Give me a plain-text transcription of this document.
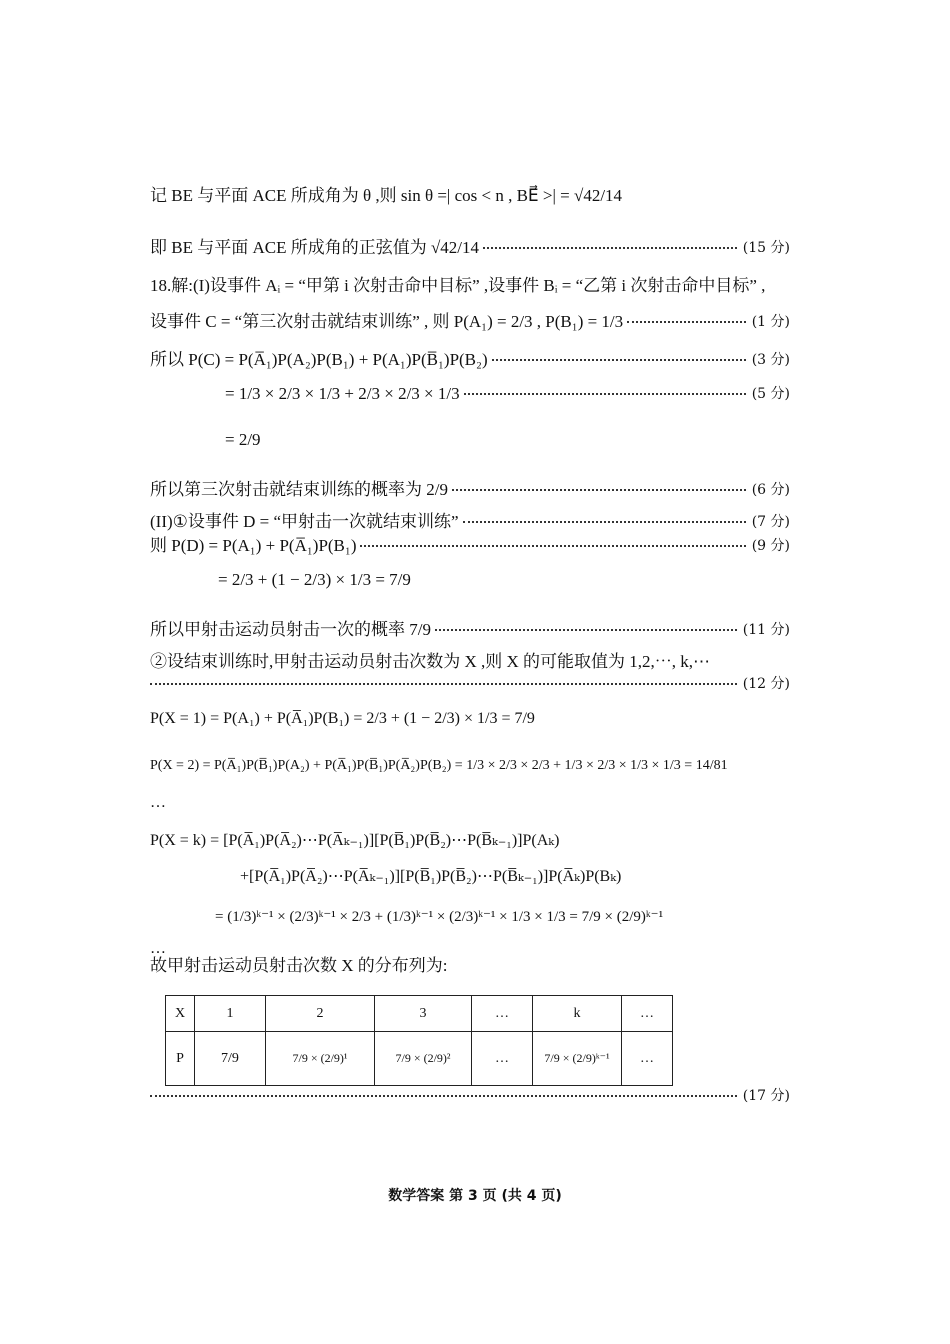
记 BE 与平面 ACE 所成角为 θ ,则 sin θ =| cos < n , BE⃗ >| = √42/14
即 BE 与平面 ACE 所成角的正弦值为 √42/14	(15 分)
18.解:(I)设事件 Aᵢ = “甲第 i 次射击命中目标” ,设事件 Bᵢ = “乙第 i 次射击命中目标” ,
设事件 C = “第三次射击就结束训练” , 则 P(A₁) = 2/3 , P(B₁) = 1/3	(1 分)
所以 P(C) = P(A̅₁)P(A₂)P(B₁) + P(A₁)P(B̅₁)P(B₂)	(3 分)
= 1/3 × 2/3 × 1/3 + 2/3 × 2/3 × 1/3	(5 分)
= 2/9
所以第三次射击就结束训练的概率为 2/9	(6 分)
(II)①设事件 D = “甲射击一次就结束训练”	(7 分)
则 P(D) = P(A₁) + P(A̅₁)P(B₁)	(9 分)
= 2/3 + (1 − 2/3) × 1/3 = 7/9
所以甲射击运动员射击一次的概率 7/9	(11 分)
②设结束训练时,甲射击运动员射击次数为 X ,则 X 的可能取值为 1,2,⋯, k,⋯
(12 分)
P(X = 1) = P(A₁) + P(A̅₁)P(B₁) = 2/3 + (1 − 2/3) × 1/3 = 7/9
P(X = 2) = P(A̅₁)P(B̅₁)P(A₂) + P(A̅₁)P(B̅₁)P(A̅₂)P(B₂) = 1/3 × 2/3 × 2/3 + 1/3 × 2/3 × 1/3 × 1/3 = 14/81
…
P(X = k) = [P(A̅₁)P(A̅₂)⋯P(A̅ₖ₋₁)][P(B̅₁)P(B̅₂)⋯P(B̅ₖ₋₁)]P(Aₖ)
+[P(A̅₁)P(A̅₂)⋯P(A̅ₖ₋₁)][P(B̅₁)P(B̅₂)⋯P(B̅ₖ₋₁)]P(A̅ₖ)P(Bₖ)
= (1/3)ᵏ⁻¹ × (2/3)ᵏ⁻¹ × 2/3 + (1/3)ᵏ⁻¹ × (2/3)ᵏ⁻¹ × 1/3 × 1/3 = 7/9 × (2/9)ᵏ⁻¹
…
故甲射击运动员射击次数 X 的分布列为:
X	1	2	3	…	k	…
P	7/9	7/9 × (2/9)¹	7/9 × (2/9)²	…	7/9 × (2/9)ᵏ⁻¹	…
(17 分)
数学答案 第 3 页 (共 4 页)
